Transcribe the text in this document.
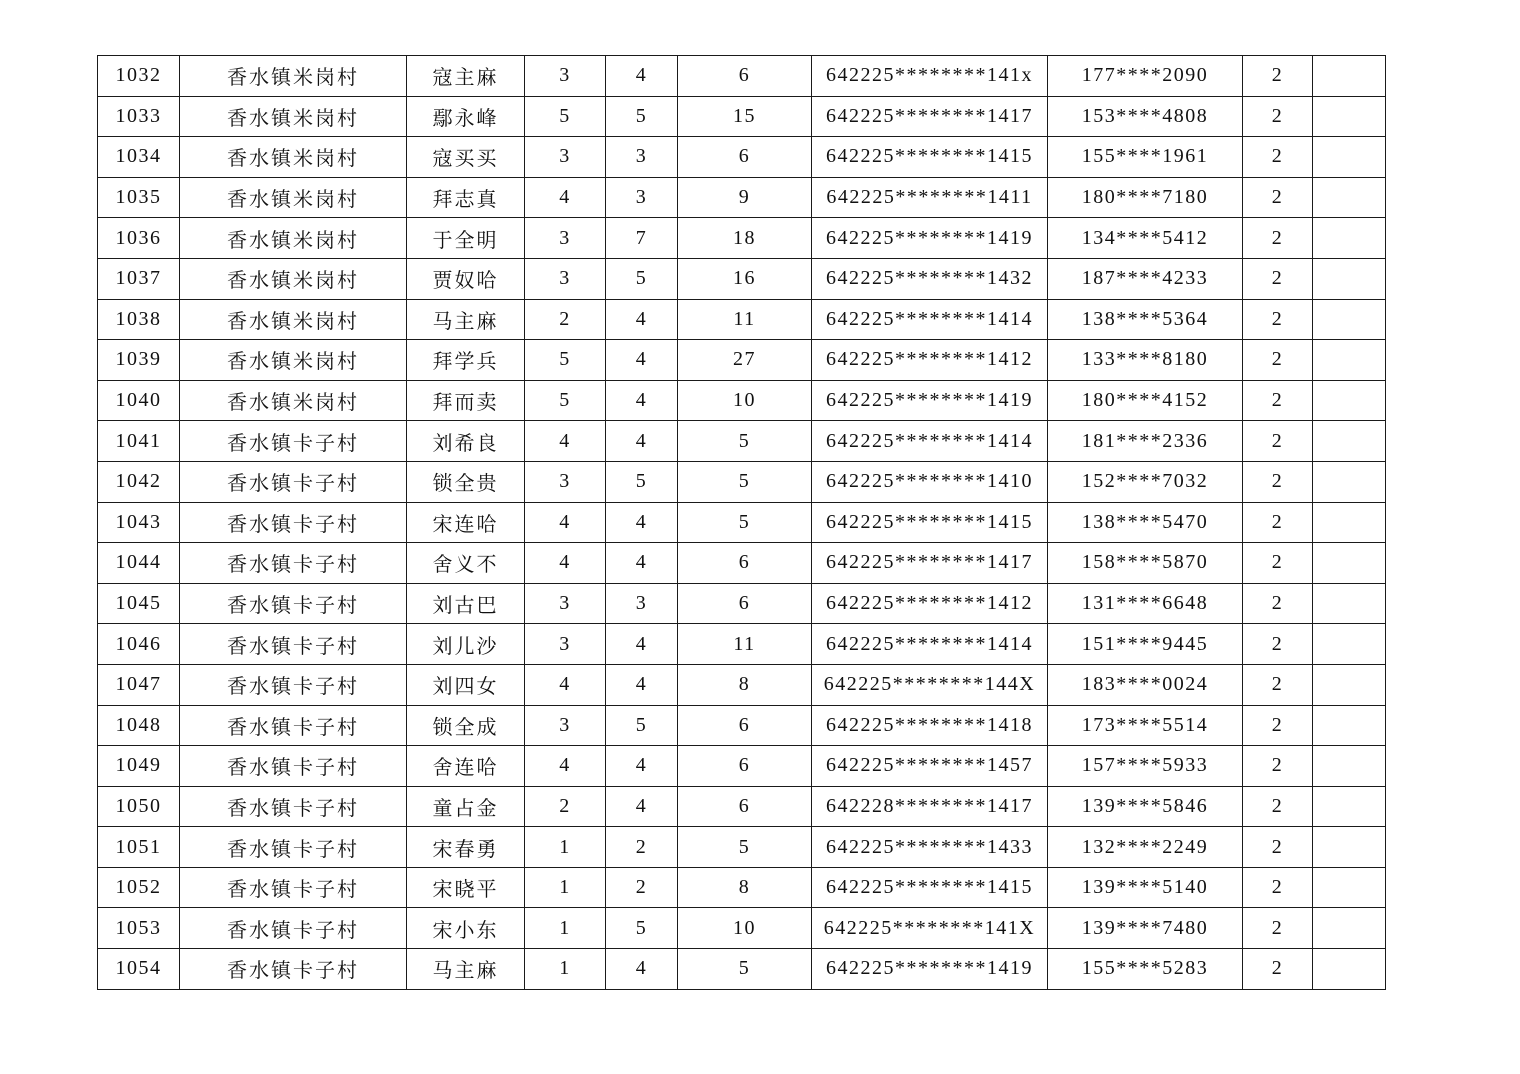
1032	香水镇米岗村	寇主麻	3	4	6	642225********141x	177****2090	2	
1033	香水镇米岗村	鄢永峰	5	5	15	642225********1417	153****4808	2	
1034	香水镇米岗村	寇买买	3	3	6	642225********1415	155****1961	2	
1035	香水镇米岗村	拜志真	4	3	9	642225********1411	180****7180	2	
1036	香水镇米岗村	于全明	3	7	18	642225********1419	134****5412	2	
1037	香水镇米岗村	贾奴哈	3	5	16	642225********1432	187****4233	2	
1038	香水镇米岗村	马主麻	2	4	11	642225********1414	138****5364	2	
1039	香水镇米岗村	拜学兵	5	4	27	642225********1412	133****8180	2	
1040	香水镇米岗村	拜而卖	5	4	10	642225********1419	180****4152	2	
1041	香水镇卡子村	刘希良	4	4	5	642225********1414	181****2336	2	
1042	香水镇卡子村	锁全贵	3	5	5	642225********1410	152****7032	2	
1043	香水镇卡子村	宋连哈	4	4	5	642225********1415	138****5470	2	
1044	香水镇卡子村	舍义不	4	4	6	642225********1417	158****5870	2	
1045	香水镇卡子村	刘古巴	3	3	6	642225********1412	131****6648	2	
1046	香水镇卡子村	刘儿沙	3	4	11	642225********1414	151****9445	2	
1047	香水镇卡子村	刘四女	4	4	8	642225********144X	183****0024	2	
1048	香水镇卡子村	锁全成	3	5	6	642225********1418	173****5514	2	
1049	香水镇卡子村	舍连哈	4	4	6	642225********1457	157****5933	2	
1050	香水镇卡子村	童占金	2	4	6	642228********1417	139****5846	2	
1051	香水镇卡子村	宋春勇	1	2	5	642225********1433	132****2249	2	
1052	香水镇卡子村	宋晓平	1	2	8	642225********1415	139****5140	2	
1053	香水镇卡子村	宋小东	1	5	10	642225********141X	139****7480	2	
1054	香水镇卡子村	马主麻	1	4	5	642225********1419	155****5283	2	
